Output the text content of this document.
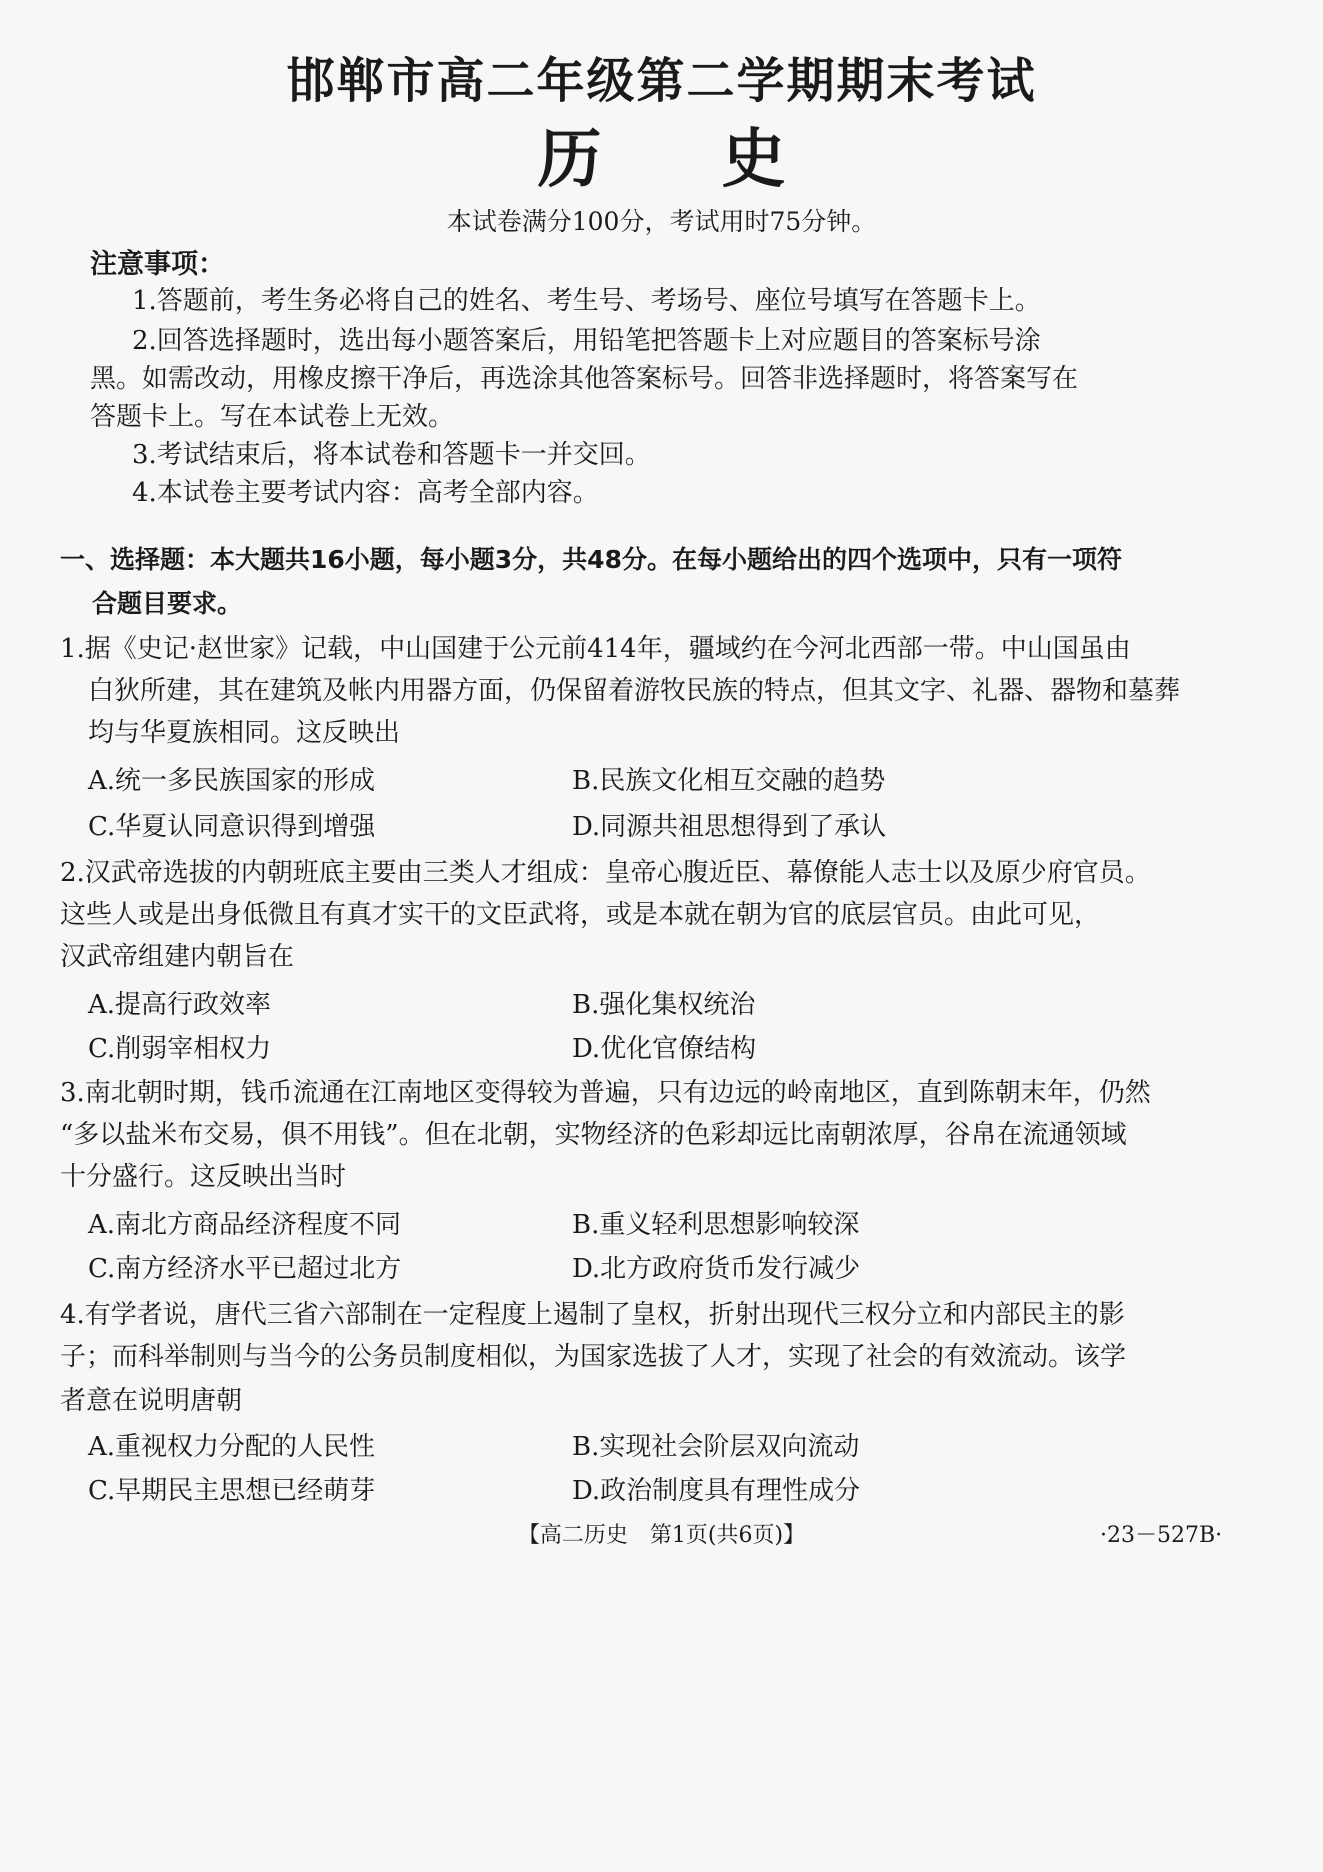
邯郸市高二年级第二学期期末考试
历史
本试卷满分100分，考试用时75分钟。
注意事项：
1.答题前，考生务必将自己的姓名、考生号、考场号、座位号填写在答题卡上。
2.回答选择题时，选出每小题答案后，用铅笔把答题卡上对应题目的答案标号涂
黑。如需改动，用橡皮擦干净后，再选涂其他答案标号。回答非选择题时，将答案写在
答题卡上。写在本试卷上无效。
3.考试结束后，将本试卷和答题卡一并交回。
4.本试卷主要考试内容：高考全部内容。
一、选择题：本大题共16小题，每小题3分，共48分。在每小题给出的四个选项中，只有一项符
合题目要求。
1.据《史记·赵世家》记载，中山国建于公元前414年，疆域约在今河北西部一带。中山国虽由
白狄所建，其在建筑及帐内用器方面，仍保留着游牧民族的特点，但其文字、礼器、器物和墓葬
均与华夏族相同。这反映出
A.统一多民族国家的形成	B.民族文化相互交融的趋势
C.华夏认同意识得到增强	D.同源共祖思想得到了承认
2.汉武帝选拔的内朝班底主要由三类人才组成：皇帝心腹近臣、幕僚能人志士以及原少府官员。
这些人或是出身低微且有真才实干的文臣武将，或是本就在朝为官的底层官员。由此可见，
汉武帝组建内朝旨在
A.提高行政效率	B.强化集权统治
C.削弱宰相权力	D.优化官僚结构
3.南北朝时期，钱币流通在江南地区变得较为普遍，只有边远的岭南地区，直到陈朝末年，仍然
“多以盐米布交易，俱不用钱”。但在北朝，实物经济的色彩却远比南朝浓厚，谷帛在流通领域
十分盛行。这反映出当时
A.南北方商品经济程度不同	B.重义轻利思想影响较深
C.南方经济水平已超过北方	D.北方政府货币发行减少
4.有学者说，唐代三省六部制在一定程度上遏制了皇权，折射出现代三权分立和内部民主的影
子；而科举制则与当今的公务员制度相似，为国家选拔了人才，实现了社会的有效流动。该学
者意在说明唐朝
A.重视权力分配的人民性	B.实现社会阶层双向流动
C.早期民主思想已经萌芽	D.政治制度具有理性成分
【高二历史　第1页(共6页)】	·23－527B·
